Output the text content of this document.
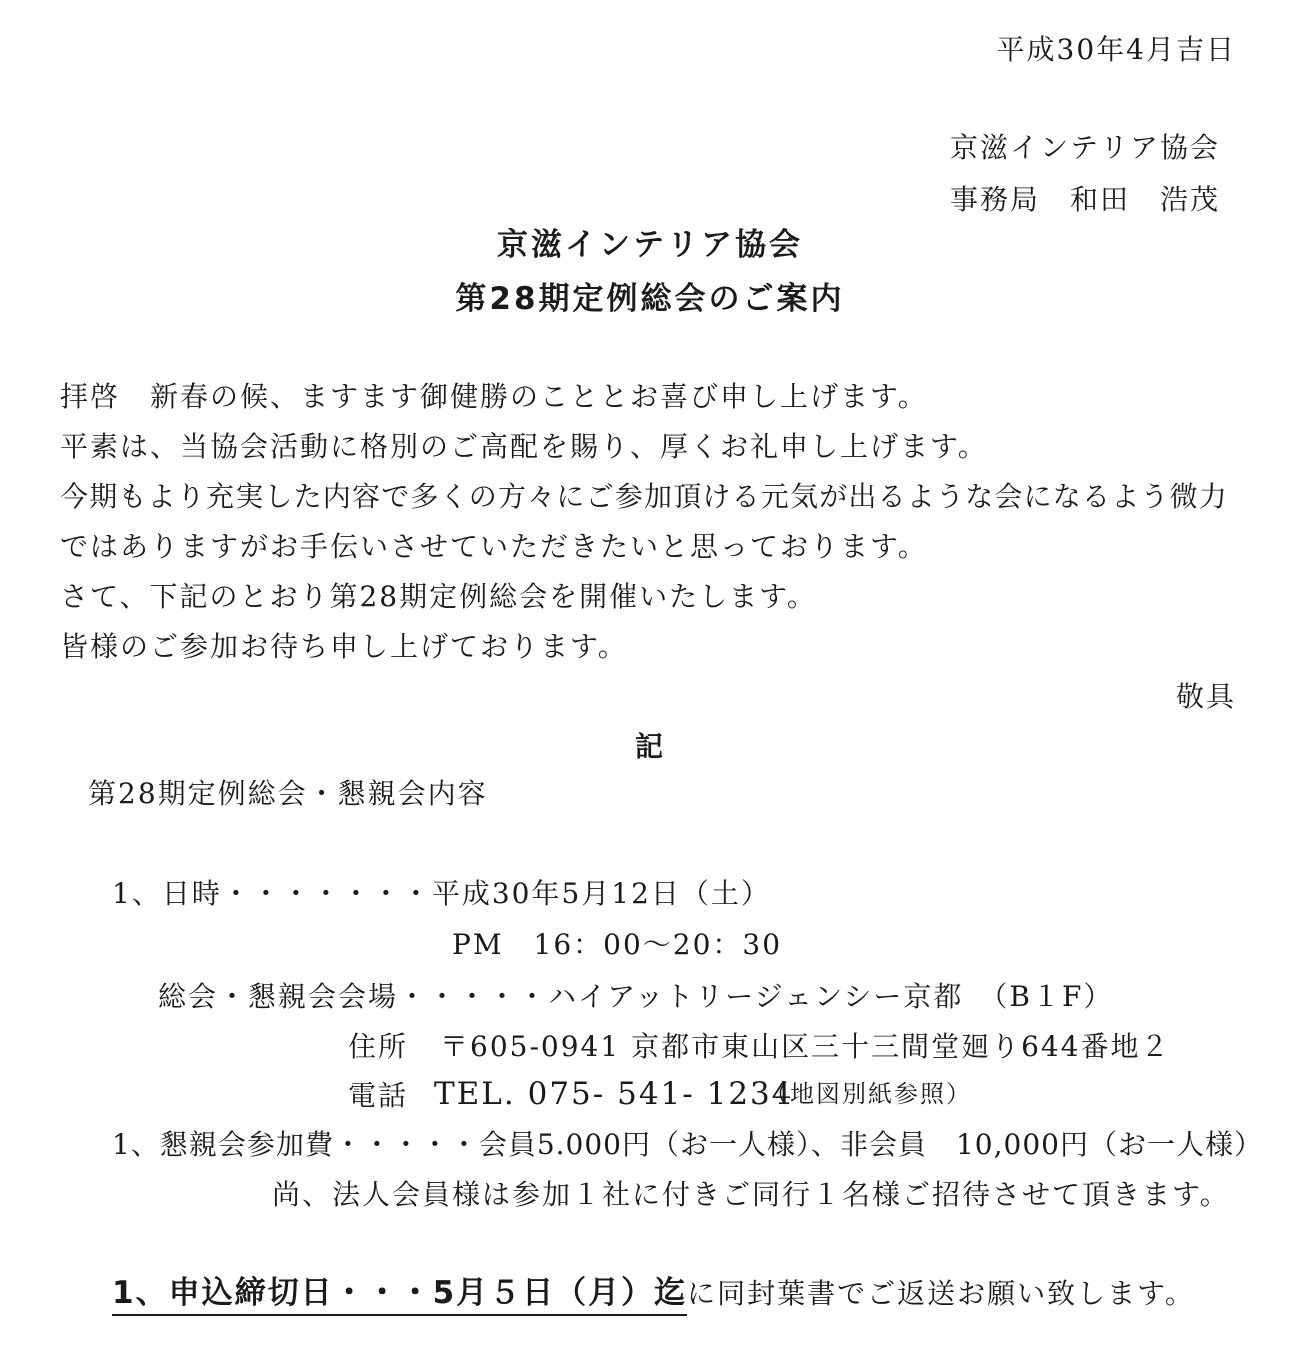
平成30年4月吉日
京滋インテリア協会
事務局　和田　浩茂
京滋インテリア協会
第28期定例総会のご案内
拝啓　新春の候、ますます御健勝のこととお喜び申し上げます。
平素は、当協会活動に格別のご高配を賜り、厚くお礼申し上げます。
今期もより充実した内容で多くの方々にご参加頂ける元気が出るような会になるよう微力
ではありますがお手伝いさせていただきたいと思っております。
さて、下記のとおり第28期定例総会を開催いたします。
皆様のご参加お待ち申し上げております。
敬具
記
第28期定例総会・懇親会内容
1、日時・・・・・・・平成30年5月12日（土）
PM　16：00～20：30
総会・懇親会会場・・・・・ハイアットリージェンシー京都　（B１F）
住所 〒605-0941 京都市東山区三十三間堂廻り644番地２
電話 TEL. 075- 541- 1234
（地図別紙参照）
1、懇親会参加費・・・・・会員5.000円（お一人様）、非会員　10,000円（お一人様）
尚、法人会員様は参加１社に付きご同行１名様ご招待させて頂きます。
1、申込締切日・・・5月５日（月）迄に同封葉書でご返送お願い致します。
